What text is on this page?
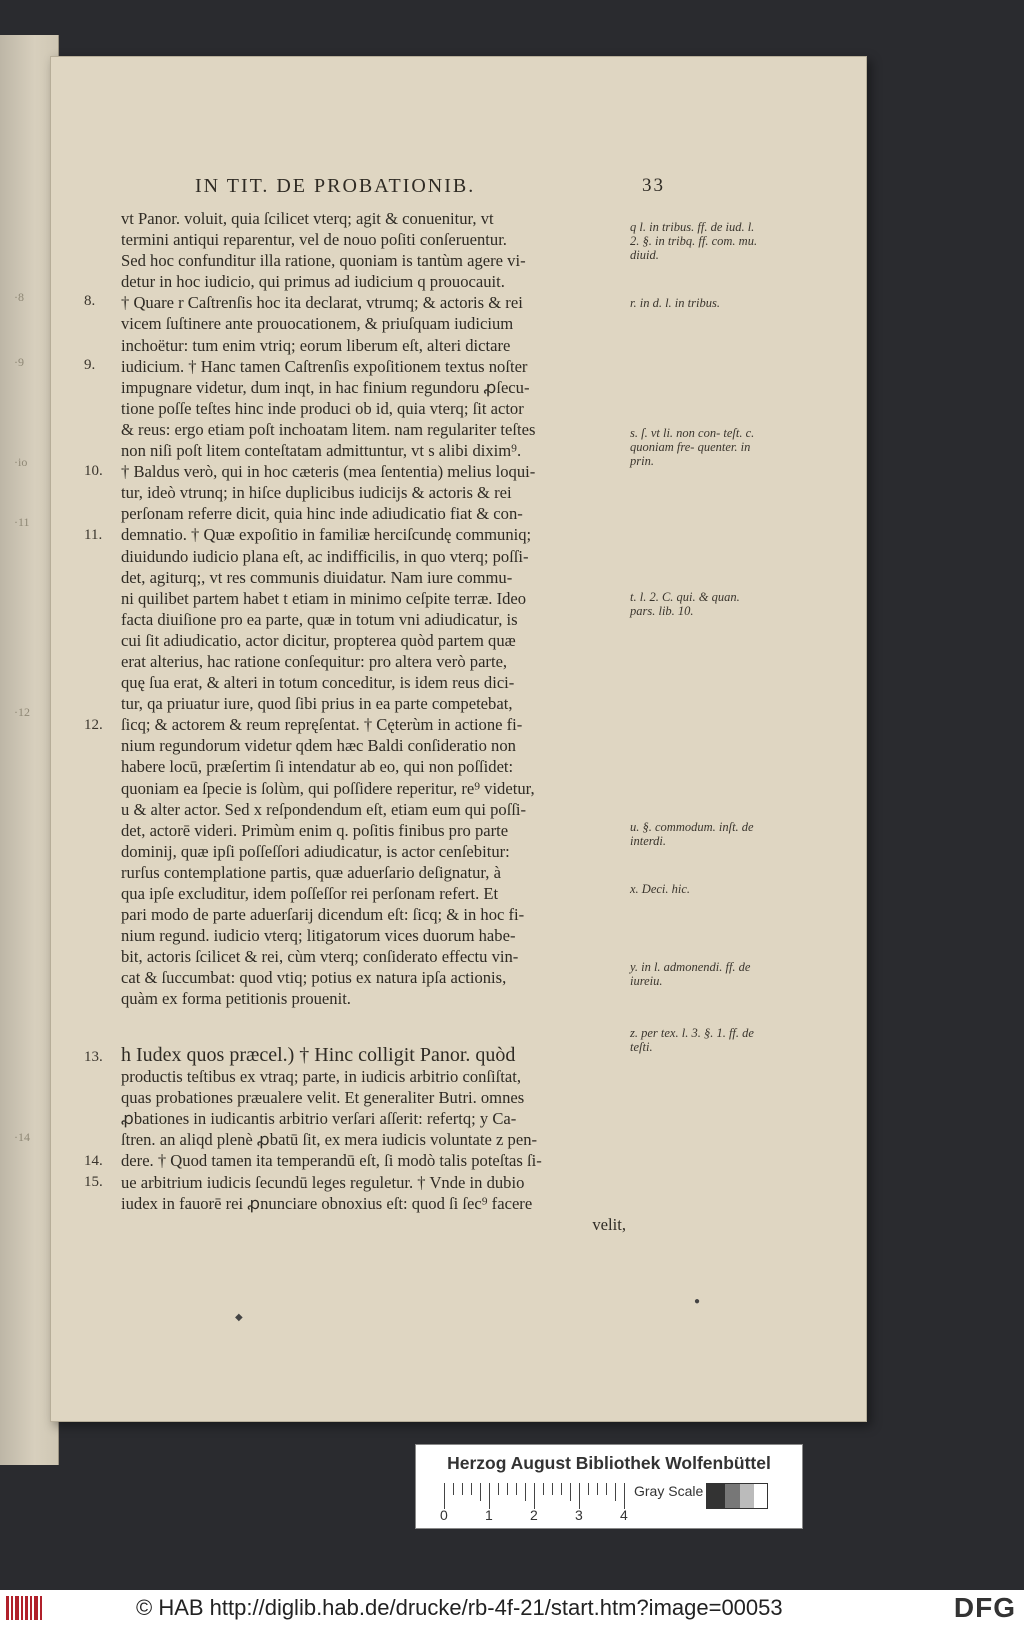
·8
·9
·io
·11
·12
·14
IN TIT. DE PROBATIONIB.	33
vt Panor. voluit, quia ſcilicet vterq; agit & conuenitur, vt
termini antiqui reparentur, vel de nouo poſiti conſeruentur.
Sed hoc confunditur illa ratione, quoniam is tantùm agere vi-
detur in hoc iudicio, qui primus ad iudicium q prouocauit.
† Quare r Caſtrenſis hoc ita declarat, vtrumq; & actoris & rei
vicem ſuſtinere ante prouocationem, & priuſquam iudicium
inchoëtur: tum enim vtriq; eorum liberum eſt, alteri dictare
iudicium. † Hanc tamen Caſtrenſis expoſitionem textus noſter
impugnare videtur, dum inqt, in hac finium regundoru ꝓſecu-
tione poſſe teſtes hinc inde produci ob id, quia vterq; ſit actor
& reus: ergo etiam poſt inchoatam litem. nam regulariter teſtes
non niſi poſt litem conteſtatam admittuntur, vt s alibi dixim⁹.
† Baldus verò, qui in hoc cæteris (mea ſententia) melius loqui-
tur, ideò vtrunq; in hiſce duplicibus iudicijs & actoris & rei
perſonam referre dicit, quia hinc inde adiudicatio fiat & con-
demnatio. † Quæ expoſitio in familiæ herciſcundę communiq;
diuidundo iudicio plana eſt, ac indifficilis, in quo vterq; poſſi-
det, agiturq;, vt res communis diuidatur. Nam iure commu-
ni quilibet partem habet t etiam in minimo ceſpite terræ. Ideo
facta diuiſione pro ea parte, quæ in totum vni adiudicatur, is
cui ſit adiudicatio, actor dicitur, propterea quòd partem quæ
erat alterius, hac ratione conſequitur: pro altera verò parte,
quę ſua erat, & alteri in totum conceditur, is idem reus dici-
tur, qa priuatur iure, quod ſibi prius in ea parte competebat,
ſicq; & actorem & reum repręſentat. † Cęterùm in actione fi-
nium regundorum videtur qdem hæc Baldi conſideratio non
habere locū, præſertim ſi intendatur ab eo, qui non poſſidet:
quoniam ea ſpecie is ſolùm, qui poſſidere reperitur, re⁹ videtur,
u & alter actor. Sed x reſpondendum eſt, etiam eum qui poſſi-
det, actorē videri. Primùm enim q. poſitis finibus pro parte
dominij, quæ ipſi poſſeſſori adiudicatur, is actor cenſebitur:
rurſus contemplatione partis, quæ aduerſario deſignatur, à
qua ipſe excluditur, idem poſſeſſor rei perſonam refert. Et
pari modo de parte aduerſarij dicendum eſt: ſicq; & in hoc fi-
nium regund. iudicio vterq; litigatorum vices duorum habe-
bit, actoris ſcilicet & rei, cùm vterq; conſiderato effectu vin-
cat & ſuccumbat: quod vtiq; potius ex natura ipſa actionis,
quàm ex forma petitionis prouenit.
h Iudex quos præcel.) † Hinc colligit Panor. quòd
productis teſtibus ex vtraq; parte, in iudicis arbitrio conſiſtat,
quas probationes præualere velit. Et generaliter Butri. omnes
ꝓbationes in iudicantis arbitrio verſari aſſerit: refertq; y Ca-
ſtren. an aliqd plenè ꝓbatū ſit, ex mera iudicis voluntate z pen-
dere. † Quod tamen ita temperandū eſt, ſi modò talis poteſtas ſi-
ue arbitrium iudicis ſecundū leges reguletur. † Vnde in dubio
iudex in fauorē rei ꝓnunciare obnoxius eſt: quod ſi ſec⁹ facere
velit,
8.
9.
10.
11.
12.
13.
14.
15.
q l. in tribus. ff. de iud. l. 2. §. in tribq. ff. com. mu. diuid.
r. in d. l. in tribus.
s. ſ. vt li. non con- teſt. c. quoniam fre- quenter. in prin.
t. l. 2. C. qui. & quan. pars. lib. 10.
u. §. commodum. inſt. de interdi.
x. Deci. hic.
y. in l. admonendi. ff. de iureiu.
z. per tex. l. 3. §. 1. ff. de teſti.
◆
●
Herzog August Bibliothek Wolfenbüttel
0	1	2	3	4
Gray Scale
© HAB http://diglib.hab.de/drucke/rb-4f-21/start.htm?image=00053	DFG
